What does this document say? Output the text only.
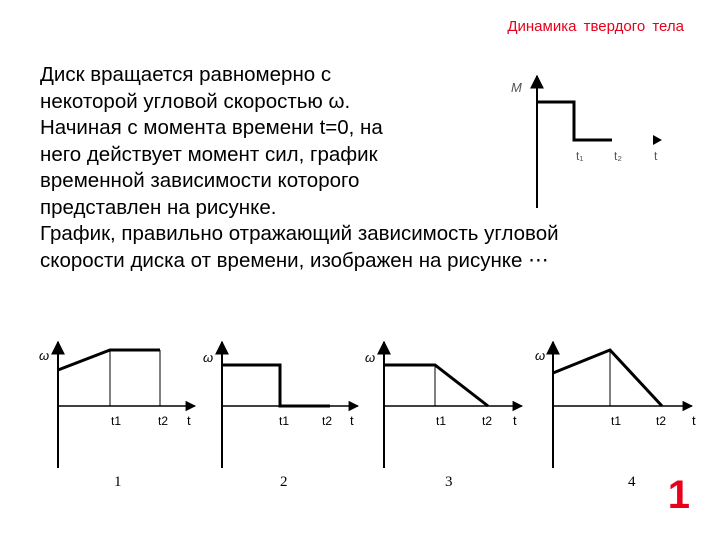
Динамика твердого тела
Диск вращается равномерно с
некоторой угловой скоростью ω.
Начиная с момента времени t=0, на
него действует момент сил, график
временной зависимости которого
представлен на рисунке.
График, правильно отражающий зависимость угловой
скорости диска от времени, изображен на рисунке ⋯
M
t₁	t₂	t
ω
t1	t2 t
1
ω
t1	t2 t
2
ω
t1	t2 t
3
ω
t1	t2 t
4 1
